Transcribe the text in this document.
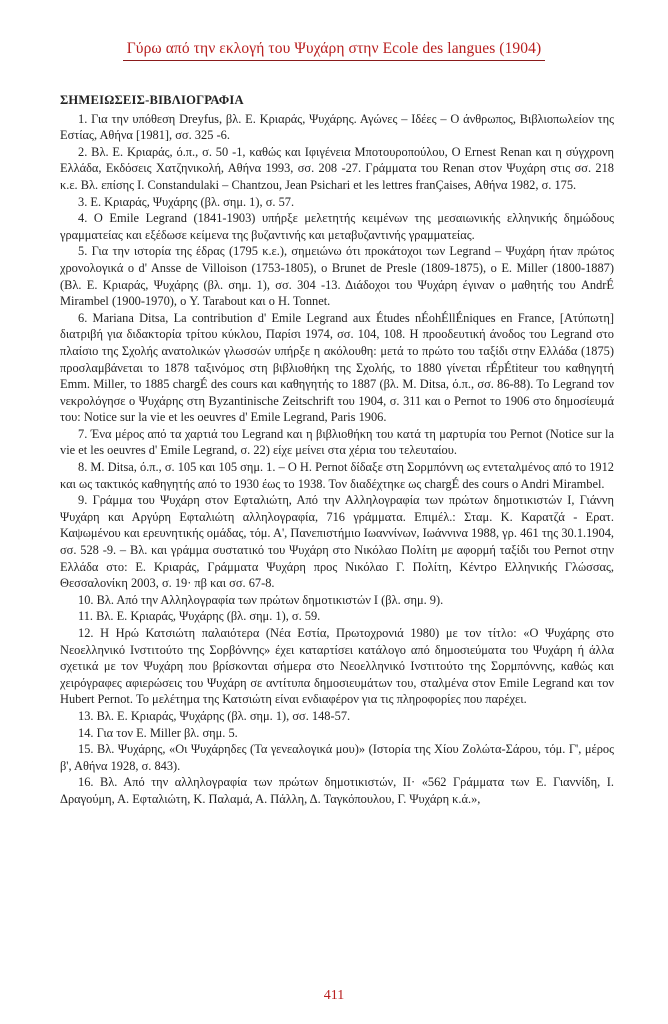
Γύρω από την εκλογή του Ψυχάρη στην Ecole des langues (1904)
ΣΗΜΕΙΩΣΕΙΣ-ΒΙΒΛΙΟΓΡΑΦΙΑ

1. Για την υπόθεση Dreyfus, βλ. Ε. Κριαράς, Ψυχάρης. Αγώνες – Ιδέες – Ο άνθρωπος, Βιβλιοπωλείον της Εστίας, Αθήνα [1981], σσ. 325 -6.

2. Βλ. Ε. Κριαράς, ό.π., σ. 50 -1, καθώς και Ιφιγένεια Μποτουροπούλου, O Ernest Renan και η σύγχρονη Ελλάδα, Εκδόσεις Χατζηνικολή, Αθήνα 1993, σσ. 208 -27. Γράμματα του Renan στον Ψυχάρη στις σσ. 218 κ.ε. Βλ. επίσης I. Constandulaki – Chantzou, Jean Psichari et les lettres franÇaises, Αθήνα 1982, σ. 175.

3. Ε. Κριαράς, Ψυχάρης (βλ. σημ. 1), σ. 57.

4. O Emile Legrand (1841-1903) υπήρξε μελετητής κειμένων της μεσαιωνικής ελληνικής δημώδους γραμματείας και εξέδωσε κείμενα της βυζαντινής και μεταβυζαντινής γραμματείας.

5. Για την ιστορία της έδρας (1795 κ.ε.), σημειώνω ότι προκάτοχοι των Legrand – Ψυχάρη ήταν πρώτος χρονολογικά ο d' Ansse de Villoison (1753-1805), ο Brunet de Presle (1809-1875), ο E. Miller (1800-1887) (Βλ. Ε. Κριαράς, Ψυχάρης (βλ. σημ. 1), σσ. 304 -13. Διάδοχοι του Ψυχάρη έγιναν ο μαθητής του AndrÉ Mirambel (1900-1970), ο Y. Tarabout και ο H. Tonnet.

6. Mariana Ditsa, La contribution d' Emile Legrand aux Études nÉohÉllÉniques en France, [Ατύπωτη] διατριβή για διδακτορία τρίτου κύκλου, Παρίσι 1974, σσ. 104, 108. Η προοδευτική άνοδος του Legrand στο πλαίσιο της Σχολής ανατολικών γλωσσών υπήρξε η ακόλουθη: μετά το πρώτο του ταξίδι στην Ελλάδα (1875) προσλαμβάνεται το 1878 ταξινόμος στη βιβλιοθήκη της Σχολής, το 1880 γίνεται rÉpÉtiteur του καθηγητή Emm. Miller, το 1885 chargÉ des cours και καθηγητής το 1887 (βλ. M. Ditsa, ό.π., σσ. 86-88). Το Legrand τον νεκρολόγησε ο Ψυχάρης στη Byzantinische Zeitschrift του 1904, σ. 311 και ο Pernot το 1906 στο δημοσίευμά του: Notice sur la vie et les oeuvres d' Emile Legrand, Paris 1906.

7. Ένα μέρος από τα χαρτιά του Legrand και η βιβλιοθήκη του κατά τη μαρτυρία του Pernot (Notice sur la vie et les oeuvres d' Emile Legrand, σ. 22) είχε μείνει στα χέρια του τελευταίου.

8. M. Ditsa, ό.π., σ. 105 και 105 σημ. 1. – O H. Pernot δίδαξε στη Σορμπόννη ως εντεταλμένος από το 1912 και ως τακτικός καθηγητής από το 1930 έως το 1938. Τον διαδέχτηκε ως chargÉ des cours o Andri Mirambel.

9. Γράμμα του Ψυχάρη στον Εφταλιώτη, Από την Αλληλογραφία των πρώτων δημοτικιστών Ι, Γιάννη Ψυχάρη και Αργύρη Εφταλιώτη αλληλογραφία, 716 γράμματα. Επιμέλ.: Σταμ. Κ. Καρατζά - Ερατ. Καψωμένου και ερευνητικής ομάδας, τόμ. Α', Πανεπιστήμιο Ιωαννίνων, Ιωάννινα 1988, γρ. 461 της 30.1.1904, σσ. 528 -9. – Βλ. και γράμμα συστατικό του Ψυχάρη στο Νικόλαο Πολίτη με αφορμή ταξίδι του Pernot στην Ελλάδα στο: Ε. Κριαράς, Γράμματα Ψυχάρη προς Νικόλαο Γ. Πολίτη, Κέντρο Ελληνικής Γλώσσας, Θεσσαλονίκη 2003, σ. 19· πβ και σσ. 67-8.

10. Βλ. Από την Αλληλογραφία των πρώτων δημοτικιστών Ι (βλ. σημ. 9).

11. Βλ. Ε. Κριαράς, Ψυχάρης (βλ. σημ. 1), σ. 59.

12. Η Ηρώ Κατσιώτη παλαιότερα (Νέα Εστία, Πρωτοχρονιά 1980) με τον τίτλο: «Ο Ψυχάρης στο Νεοελληνικό Ινστιτούτο της Σορβόννης» έχει καταρτίσει κατάλογο από δημοσιεύματα του Ψυχάρη ή άλλα σχετικά με τον Ψυχάρη που βρίσκονται σήμερα στο Νεοελληνικό Ινστιτούτο της Σορμπόννης, καθώς και χειρόγραφες αφιερώσεις του Ψυχάρη σε αντίτυπα δημοσιευμάτων του, σταλμένα στον Emile Legrand και τον Hubert Pernot. Το μελέτημα της Κατσιώτη είναι ενδιαφέρον για τις πληροφορίες που παρέχει.

13. Βλ. Ε. Κριαράς, Ψυχάρης (βλ. σημ. 1), σσ. 148-57.

14. Για τον E. Miller βλ. σημ. 5.

15. Βλ. Ψυχάρης, «Οι Ψυχάρηδες (Τα γενεαλογικά μου)» (Ιστορία της Χίου Ζολώτα-Σάρου, τόμ. Γ', μέρος β', Αθήνα 1928, σ. 843).

16. Βλ. Από την αλληλογραφία των πρώτων δημοτικιστών, ΙΙ· «562 Γράμματα των Ε. Γιανvίδη, Ι. Δραγούμη, Α. Εφταλιώτη, Κ. Παλαμά, Α. Πάλλη, Δ. Ταγκόπουλου, Γ. Ψυχάρη κ.ά.»,

411
